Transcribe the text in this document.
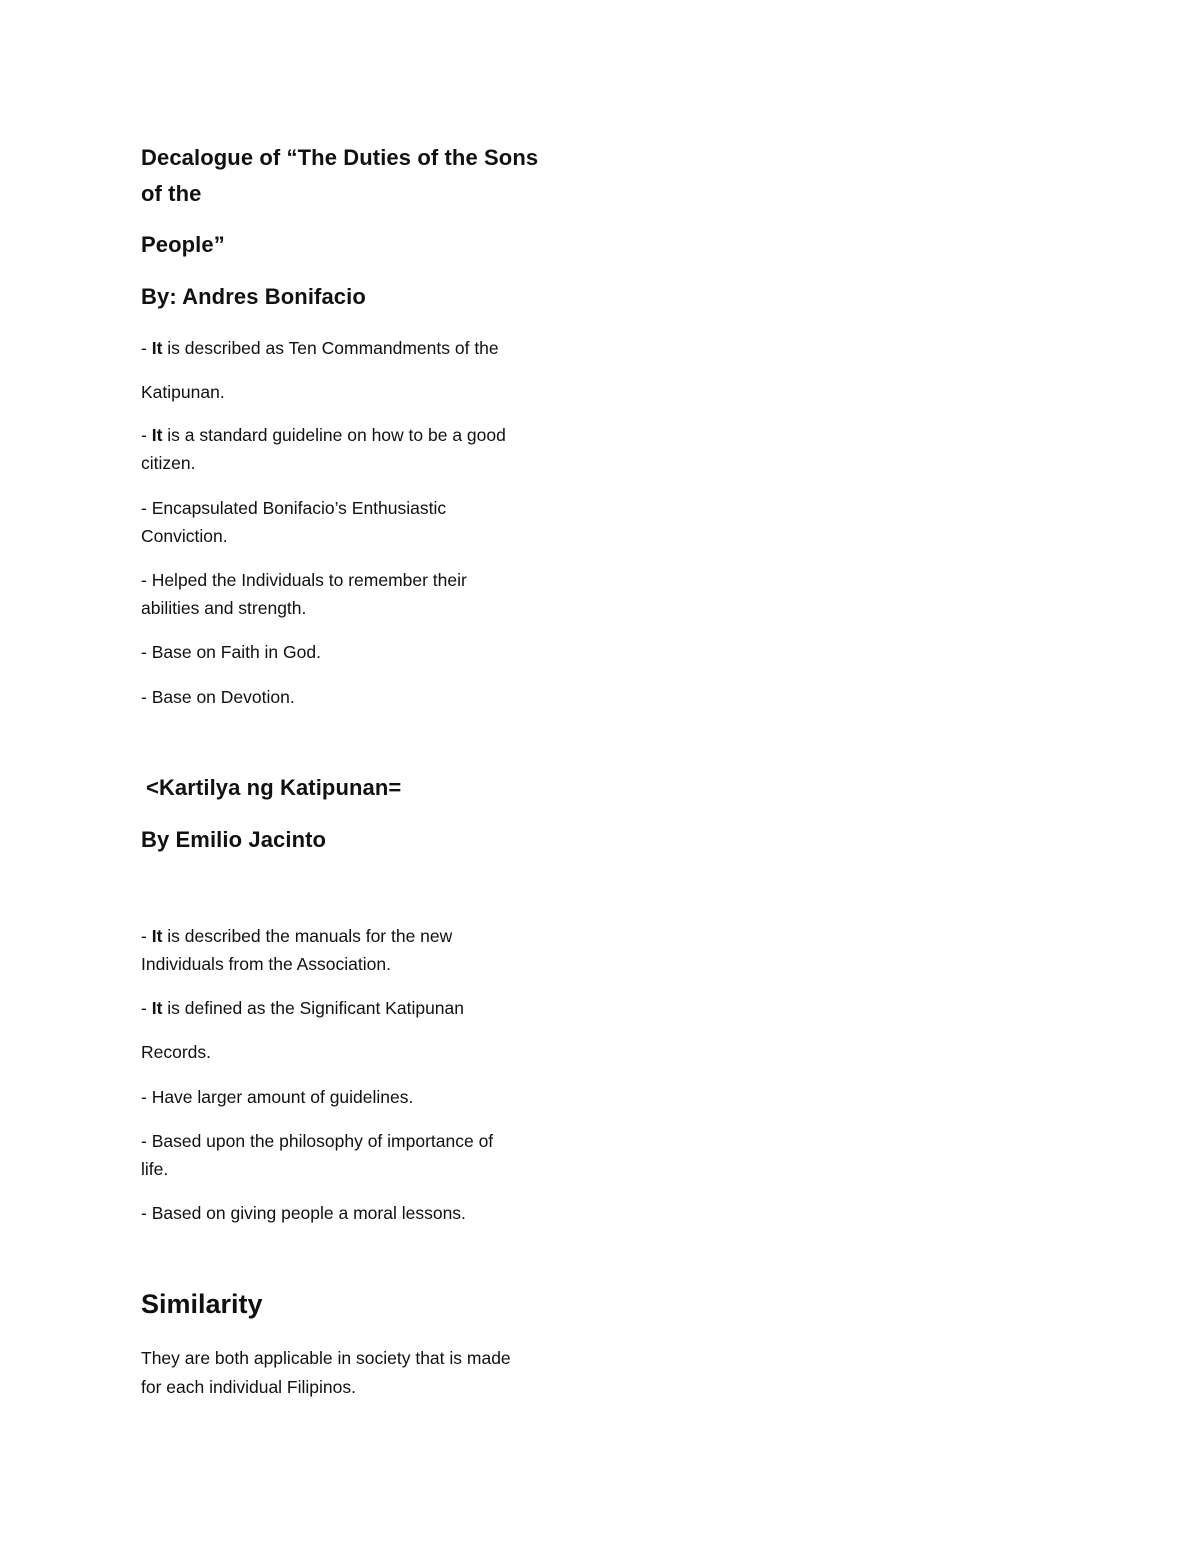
Decalogue of “The Duties of the Sons

of the

People”

By: Andres Bonifacio

- It is described as Ten Commandments of the

Katipunan.

- It is a standard guideline on how to be a good

citizen.

- Encapsulated Bonifacio’s Enthusiastic

Conviction.

- Helped the Individuals to remember their

abilities and strength.

- Base on Faith in God.

- Base on Devotion.

<Kartilya ng Katipunan=

By Emilio Jacinto

- It is described the manuals for the new

Individuals from the Association.

- It is defined as the Significant Katipunan

Records.

- Have larger amount of guidelines.

- Based upon the philosophy of importance of

life.

- Based on giving people a moral lessons.

Similarity

They are both applicable in society that is made

for each individual Filipinos.
